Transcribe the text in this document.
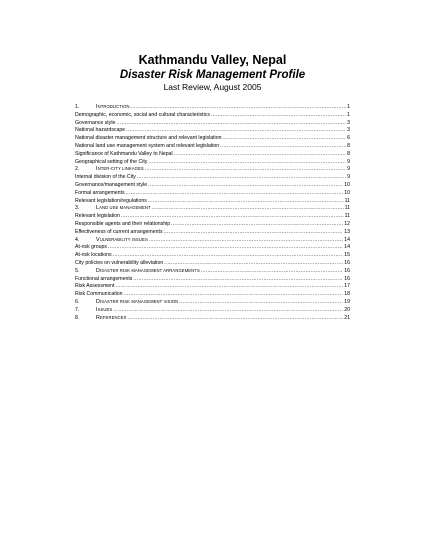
Kathmandu Valley, Nepal
Disaster Risk Management Profile
Last Review, August 2005
1.	INTRODUCTION .....	1
Demographic, economic, social and cultural characteristics .....	1
Governance style .....	3
National hazardscape .....	3
National disaster management structure and relevant legislation .....	6
National land use management system and relevant legislation .....	8
Significance of Kathmandu Valley to Nepal .....	8
Geographical setting of the City .....	9
2.	INTER-CITY LINKAGES .....	9
Internal division of the City .....	9
Governance/management style .....	10
Formal arrangements .....	10
Relevant legislation/regulations .....	11
3.	LAND USE MANAGEMENT .....	11
Relevant legislation .....	11
Responsible agents and their relationship .....	12
Effectiveness of current arrangements .....	13
4.	VULNERABILITY ISSUES .....	14
At-risk groups .....	14
At-risk locations .....	15
City policies on vulnerability alleviation .....	16
5.	DISASTER RISK MANAGEMENT ARRANGEMENTS .....	16
Functional arrangements .....	16
Risk Assessment .....	17
Risk Communication .....	18
6.	DISASTER RISK MANAGEMENT VISION .....	19
7.	ISSUES .....	20
8.	REFERENCES .....	21
